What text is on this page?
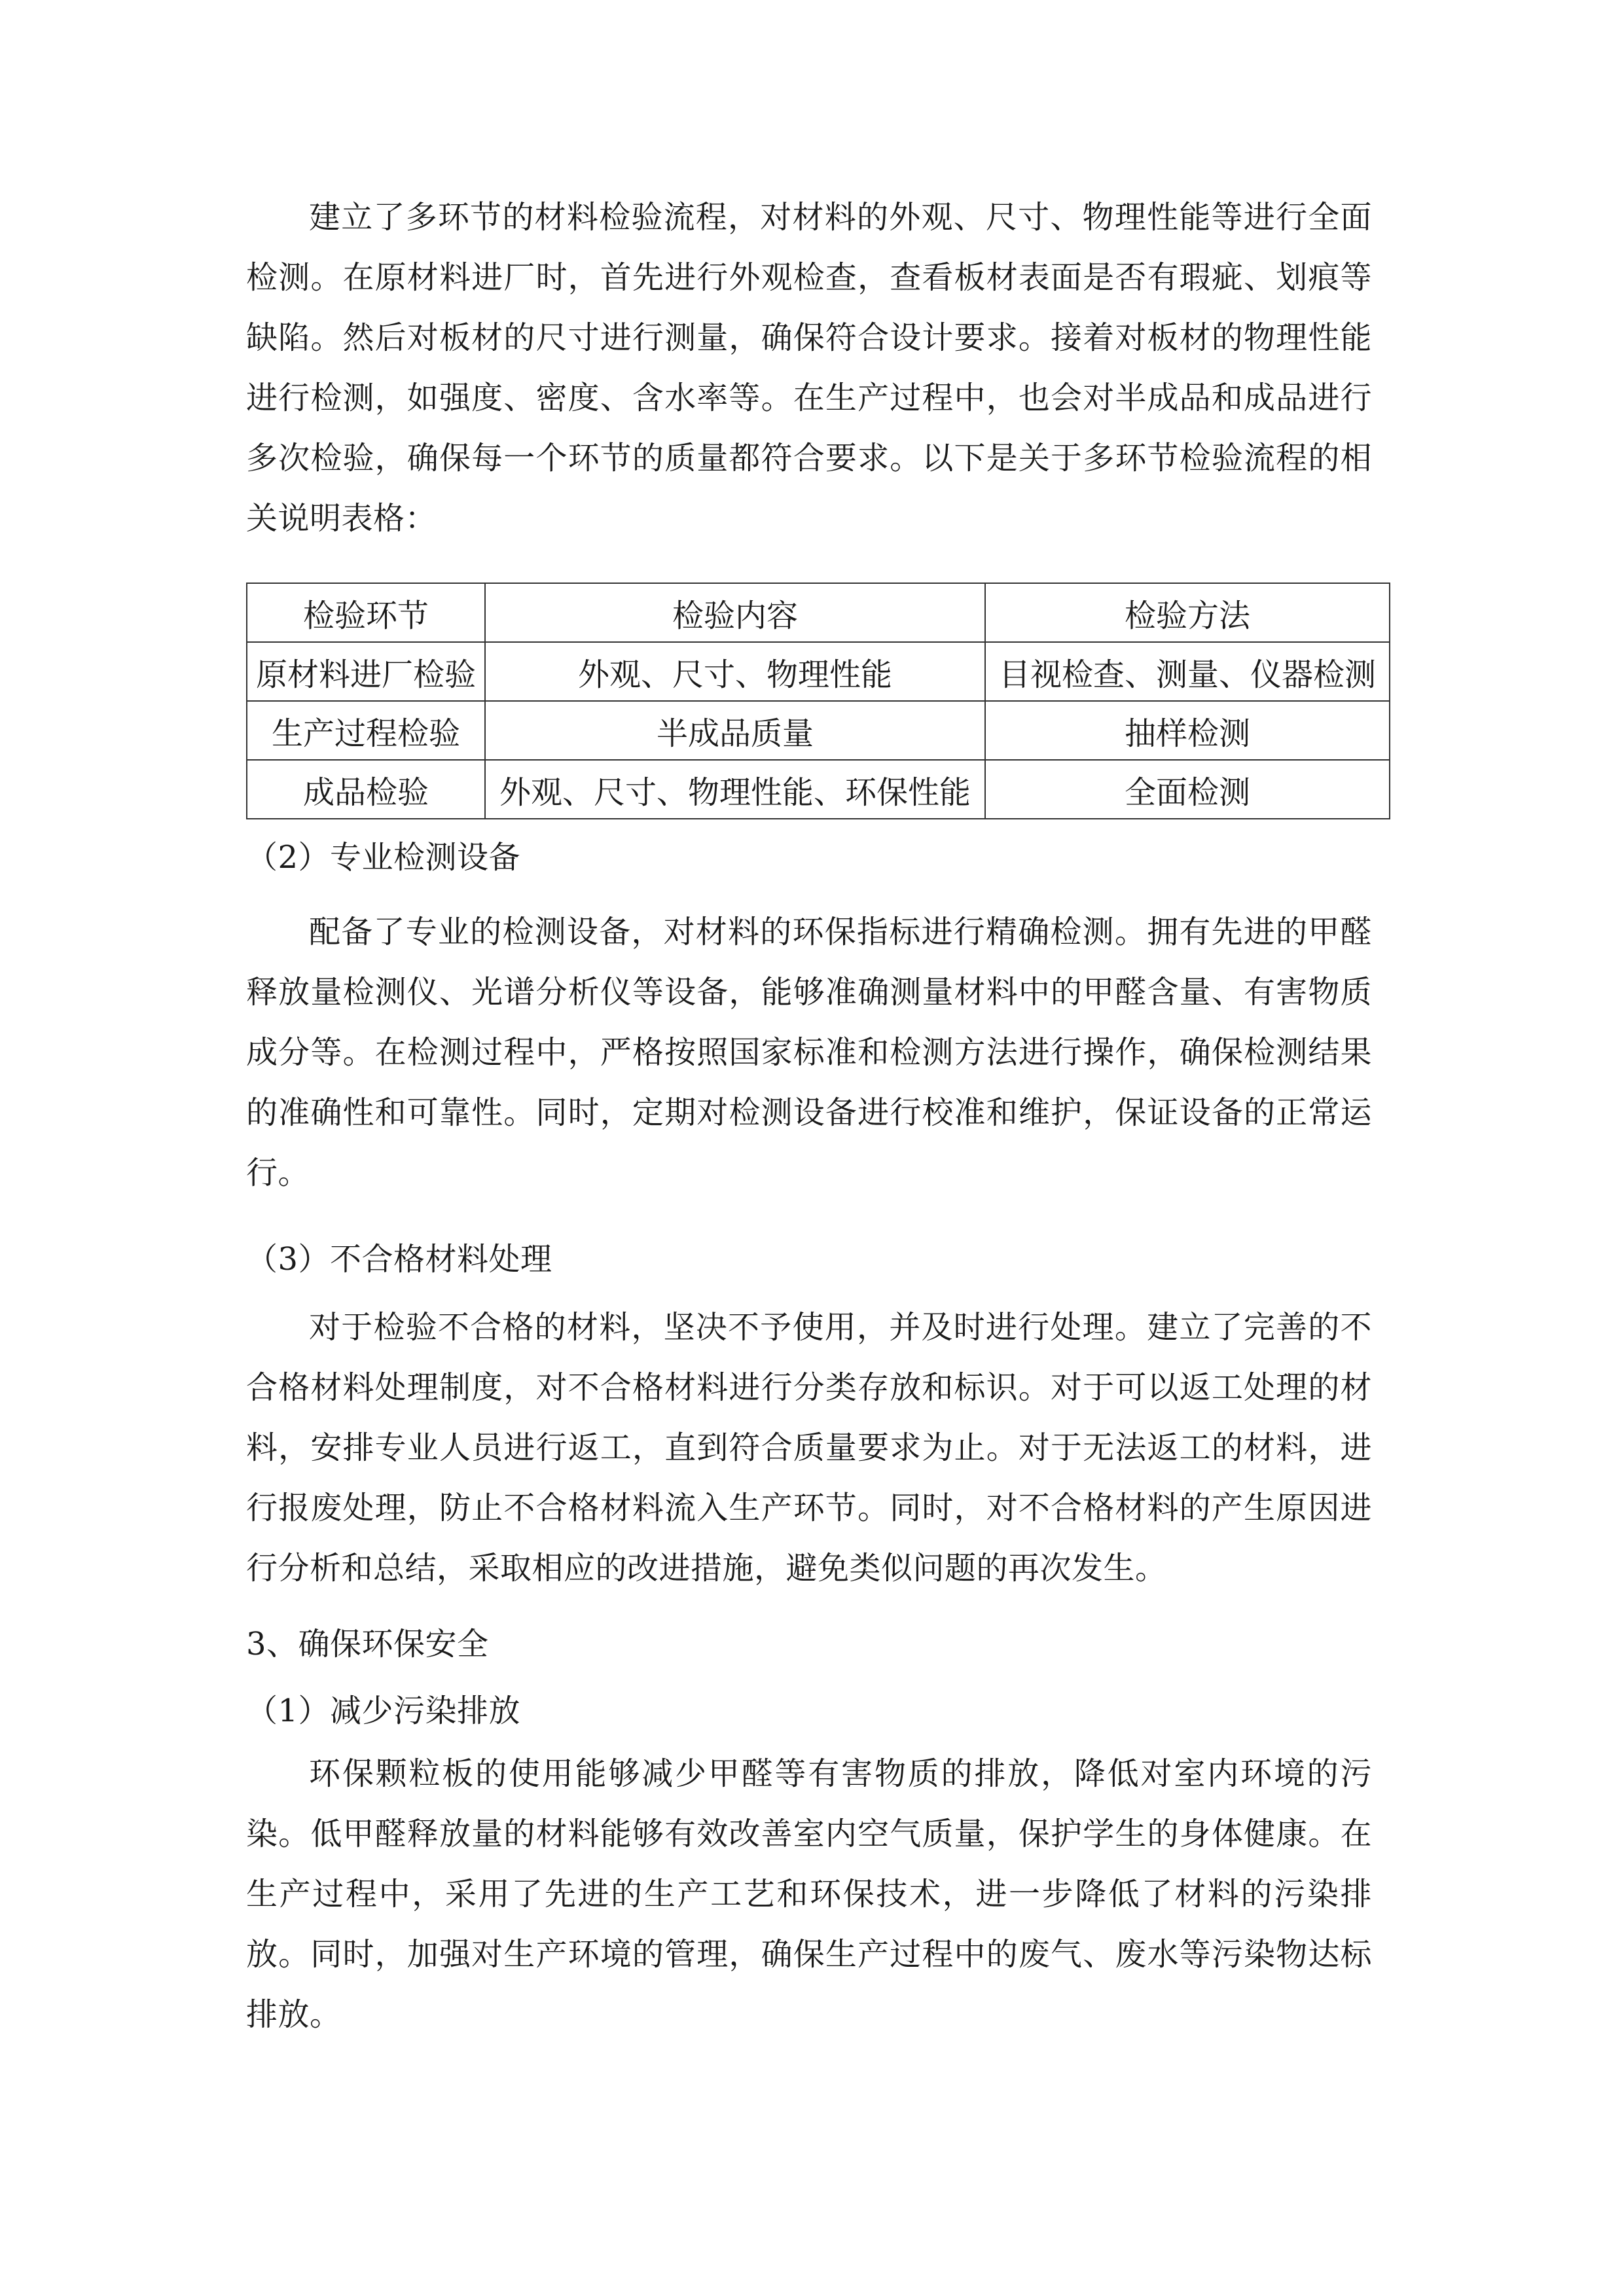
建立了多环节的材料检验流程，对材料的外观、尺寸、物理性能等进行全面检测。在原材料进厂时，首先进行外观检查，查看板材表面是否有瑕疵、划痕等缺陷。然后对板材的尺寸进行测量，确保符合设计要求。接着对板材的物理性能进行检测，如强度、密度、含水率等。在生产过程中，也会对半成品和成品进行多次检验，确保每一个环节的质量都符合要求。以下是关于多环节检验流程的相关说明表格：

检验环节	检验内容	检验方法
原材料进厂检验	外观、尺寸、物理性能	目视检查、测量、仪器检测
生产过程检验	半成品质量	抽样检测
成品检验	外观、尺寸、物理性能、环保性能	全面检测

（2）专业检测设备

配备了专业的检测设备，对材料的环保指标进行精确检测。拥有先进的甲醛释放量检测仪、光谱分析仪等设备，能够准确测量材料中的甲醛含量、有害物质成分等。在检测过程中，严格按照国家标准和检测方法进行操作，确保检测结果的准确性和可靠性。同时，定期对检测设备进行校准和维护，保证设备的正常运行。

（3）不合格材料处理

对于检验不合格的材料，坚决不予使用，并及时进行处理。建立了完善的不合格材料处理制度，对不合格材料进行分类存放和标识。对于可以返工处理的材料，安排专业人员进行返工，直到符合质量要求为止。对于无法返工的材料，进行报废处理，防止不合格材料流入生产环节。同时，对不合格材料的产生原因进行分析和总结，采取相应的改进措施，避免类似问题的再次发生。

3、确保环保安全

（1）减少污染排放

环保颗粒板的使用能够减少甲醛等有害物质的排放，降低对室内环境的污染。低甲醛释放量的材料能够有效改善室内空气质量，保护学生的身体健康。在生产过程中，采用了先进的生产工艺和环保技术，进一步降低了材料的污染排放。同时，加强对生产环境的管理，确保生产过程中的废气、废水等污染物达标排放。
